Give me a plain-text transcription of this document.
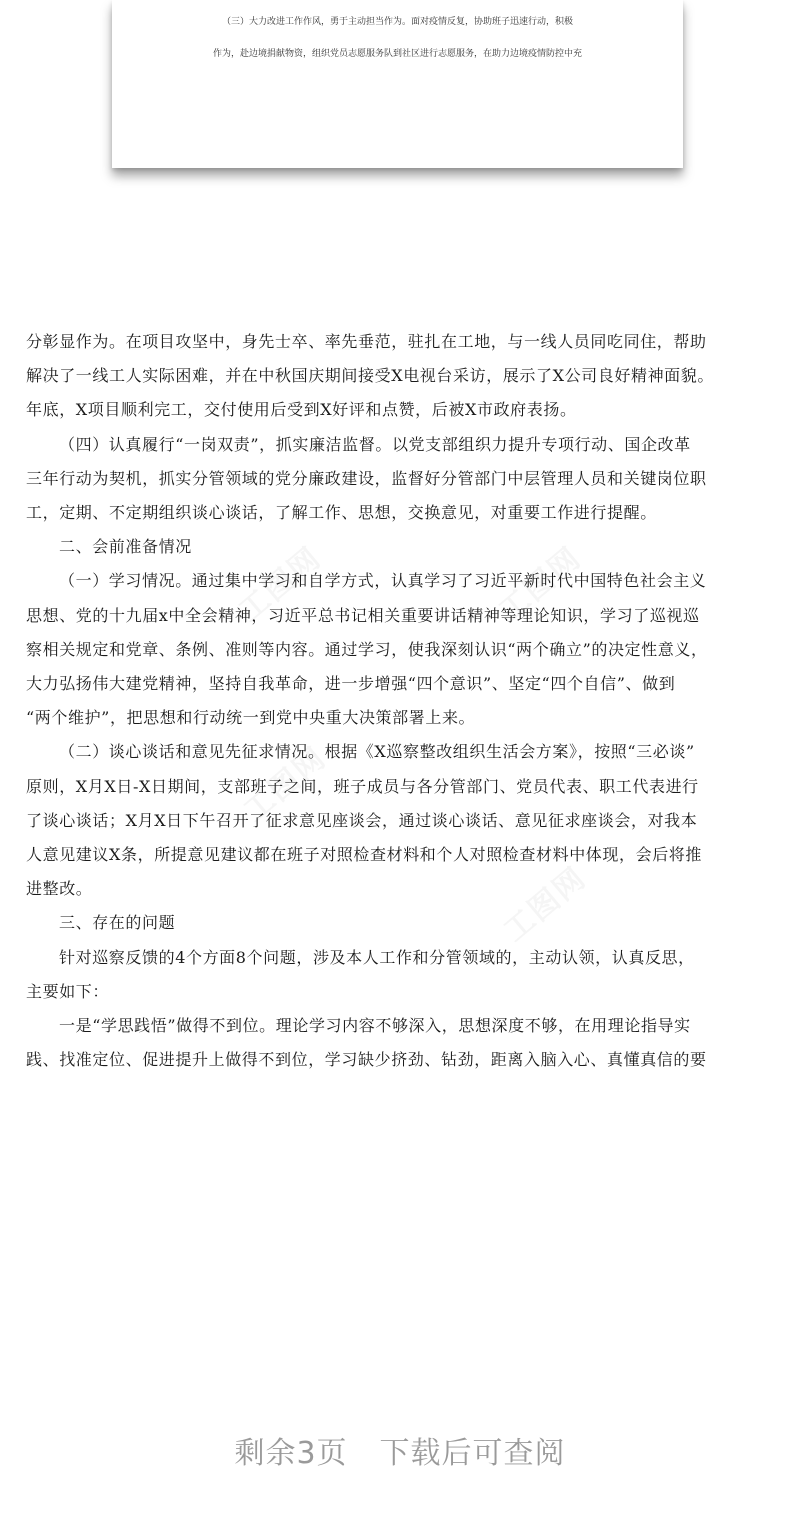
（三）大力改进工作作风，勇于主动担当作为。面对疫情反复，协助班子迅速行动，积极
作为，赴边境捐献物资，组织党员志愿服务队到社区进行志愿服务，在助力边境疫情防控中充
工图网	工图网
工图网
工图网

分彰显作为。在项目攻坚中，身先士卒、率先垂范，驻扎在工地，与一线人员同吃同住，帮助
解决了一线工人实际困难，并在中秋国庆期间接受X电视台采访，展示了X公司良好精神面貌。
年底，X项目顺利完工，交付使用后受到X好评和点赞，后被X市政府表扬。

（四）认真履行“一岗双责”，抓实廉洁监督。以党支部组织力提升专项行动、国企改革
三年行动为契机，抓实分管领域的党分廉政建设，监督好分管部门中层管理人员和关键岗位职
工，定期、不定期组织谈心谈话，了解工作、思想，交换意见，对重要工作进行提醒。

二、会前准备情况

（一）学习情况。通过集中学习和自学方式，认真学习了习近平新时代中国特色社会主义
思想、党的十九届x中全会精神，习近平总书记相关重要讲话精神等理论知识，学习了巡视巡
察相关规定和党章、条例、准则等内容。通过学习，使我深刻认识“两个确立”的决定性意义，
大力弘扬伟大建党精神，坚持自我革命，进一步增强“四个意识”、坚定“四个自信”、做到
“两个维护”，把思想和行动统一到党中央重大决策部署上来。

（二）谈心谈话和意见先征求情况。根据《X巡察整改组织生活会方案》，按照“三必谈”
原则，X月X日-X日期间，支部班子之间，班子成员与各分管部门、党员代表、职工代表进行
了谈心谈话；X月X日下午召开了征求意见座谈会，通过谈心谈话、意见征求座谈会，对我本
人意见建议X条，所提意见建议都在班子对照检查材料和个人对照检查材料中体现，会后将推
进整改。

三、存在的问题

针对巡察反馈的4个方面8个问题，涉及本人工作和分管领域的，主动认领，认真反思，
主要如下：

一是“学思践悟”做得不到位。理论学习内容不够深入，思想深度不够，在用理论指导实
践、找准定位、促进提升上做得不到位，学习缺少挤劲、钻劲，距离入脑入心、真懂真信的要

剩余3页 下载后可查阅
